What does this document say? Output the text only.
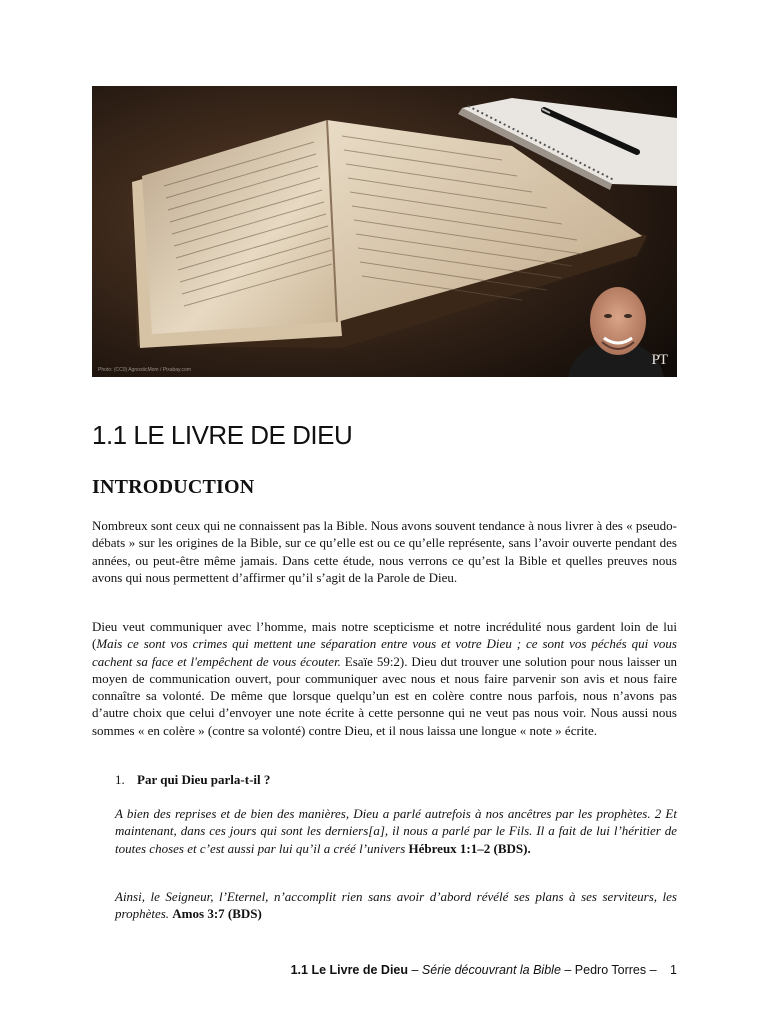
Photo: (CC0) AgnosticMom / Pixabay.com
PT
1.1 LE LIVRE DE DIEU
INTRODUCTION

Nombreux sont ceux qui ne connaissent pas la Bible. Nous avons souvent tendance à nous livrer à des « pseudo-débats » sur les origines de la Bible, sur ce qu’elle est ou ce qu’elle représente, sans l’avoir ouverte pendant des années, ou peut-être même jamais. Dans cette étude, nous verrons ce qu’est la Bible et quelles preuves nous avons qui nous permettent d’affirmer qu’il s’agit de la Parole de Dieu.

Dieu veut communiquer avec l’homme, mais notre scepticisme et notre incrédulité nous gardent loin de lui (Mais ce sont vos crimes qui mettent une séparation entre vous et votre Dieu ; ce sont vos péchés qui vous cachent sa face et l'empêchent de vous écouter. Esaïe 59:2). Dieu dut trouver une solution pour nous laisser un moyen de communication ouvert, pour communiquer avec nous et nous faire parvenir son avis et nous faire connaître sa volonté. De même que lorsque quelqu’un est en colère contre nous parfois, nous n’avons pas d’autre choix que celui d’envoyer une note écrite à cette personne qui ne veut pas nous voir. Nous aussi nous sommes « en colère » (contre sa volonté) contre Dieu, et il nous laissa une longue « note » écrite.

1. Par qui Dieu parla-t-il ?

A bien des reprises et de bien des manières, Dieu a parlé autrefois à nos ancêtres par les prophètes. 2 Et maintenant, dans ces jours qui sont les derniers[a], il nous a parlé par le Fils. Il a fait de lui l’héritier de toutes choses et c’est aussi par lui qu’il a créé l’univers Hébreux 1:1–2 (BDS).

Ainsi, le Seigneur, l’Eternel, n’accomplit rien sans avoir d’abord révélé ses plans à ses serviteurs, les prophètes. Amos 3:7 (BDS)

1.1 Le Livre de Dieu – Série découvrant la Bible – Pedro Torres – 1
